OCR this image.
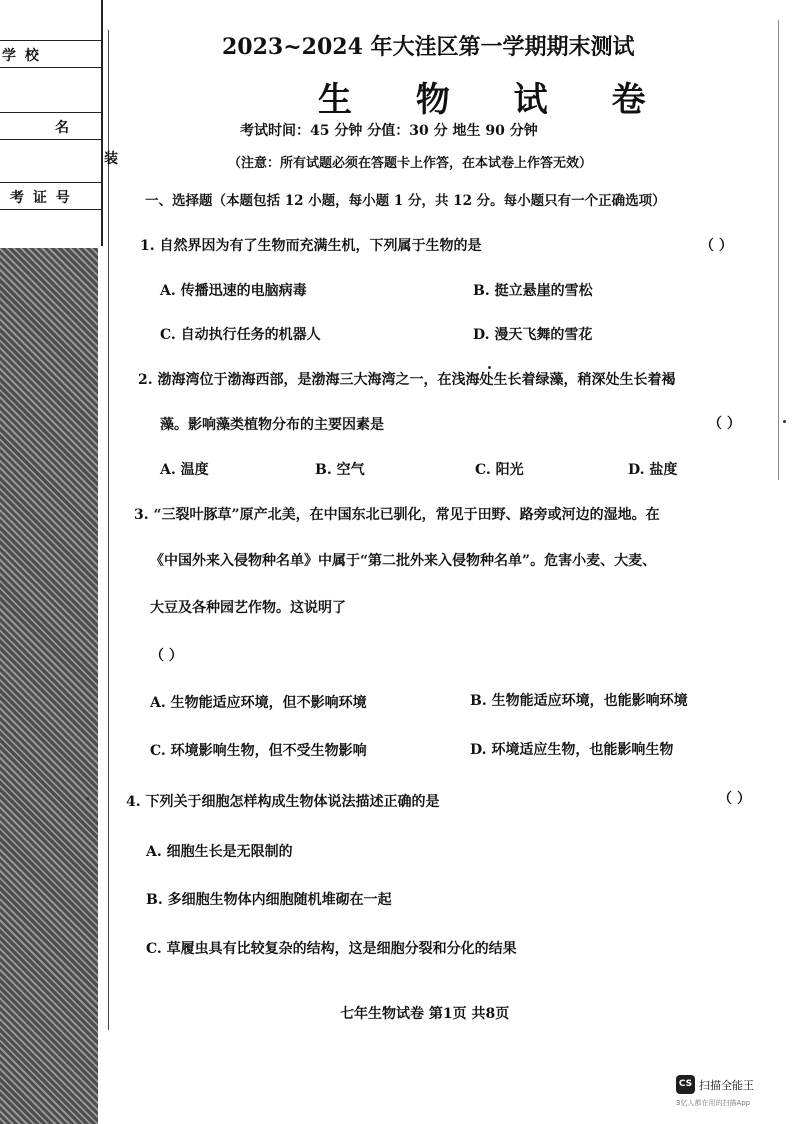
学 校
名
考 证 号
装
2023~2024 年大洼区第一学期期末测试
生 物 试 卷
考试时间：45 分钟 分值：30 分 地生 90 分钟
（注意：所有试题必须在答题卡上作答，在本试卷上作答无效）
一、选择题（本题包括 12 小题，每小题 1 分，共 12 分。每小题只有一个正确选项）
1. 自然界因为有了生物而充满生机，下列属于生物的是	（ ）
A. 传播迅速的电脑病毒	B. 挺立悬崖的雪松
C. 自动执行任务的机器人	D. 漫天飞舞的雪花
2. 渤海湾位于渤海西部，是渤海三大海湾之一，在浅海处生长着绿藻，稍深处生长着褐
藻。影响藻类植物分布的主要因素是	（ ）
A. 温度	B. 空气	C. 阳光	D. 盐度
3. “三裂叶豚草”原产北美，在中国东北已驯化，常见于田野、路旁或河边的湿地。在
《中国外来入侵物种名单》中属于“第二批外来入侵物种名单”。危害小麦、大麦、
大豆及各种园艺作物。这说明了
（ ）
A. 生物能适应环境，但不影响环境	B. 生物能适应环境，也能影响环境
C. 环境影响生物，但不受生物影响	D. 环境适应生物，也能影响生物
4. 下列关于细胞怎样构成生物体说法描述正确的是	（ ）
A. 细胞生长是无限制的
B. 多细胞生物体内细胞随机堆砌在一起
C. 草履虫具有比较复杂的结构，这是细胞分裂和分化的结果
七年生物试卷 第1页 共8页
CS 扫描全能王
3亿人都在用的扫描App
